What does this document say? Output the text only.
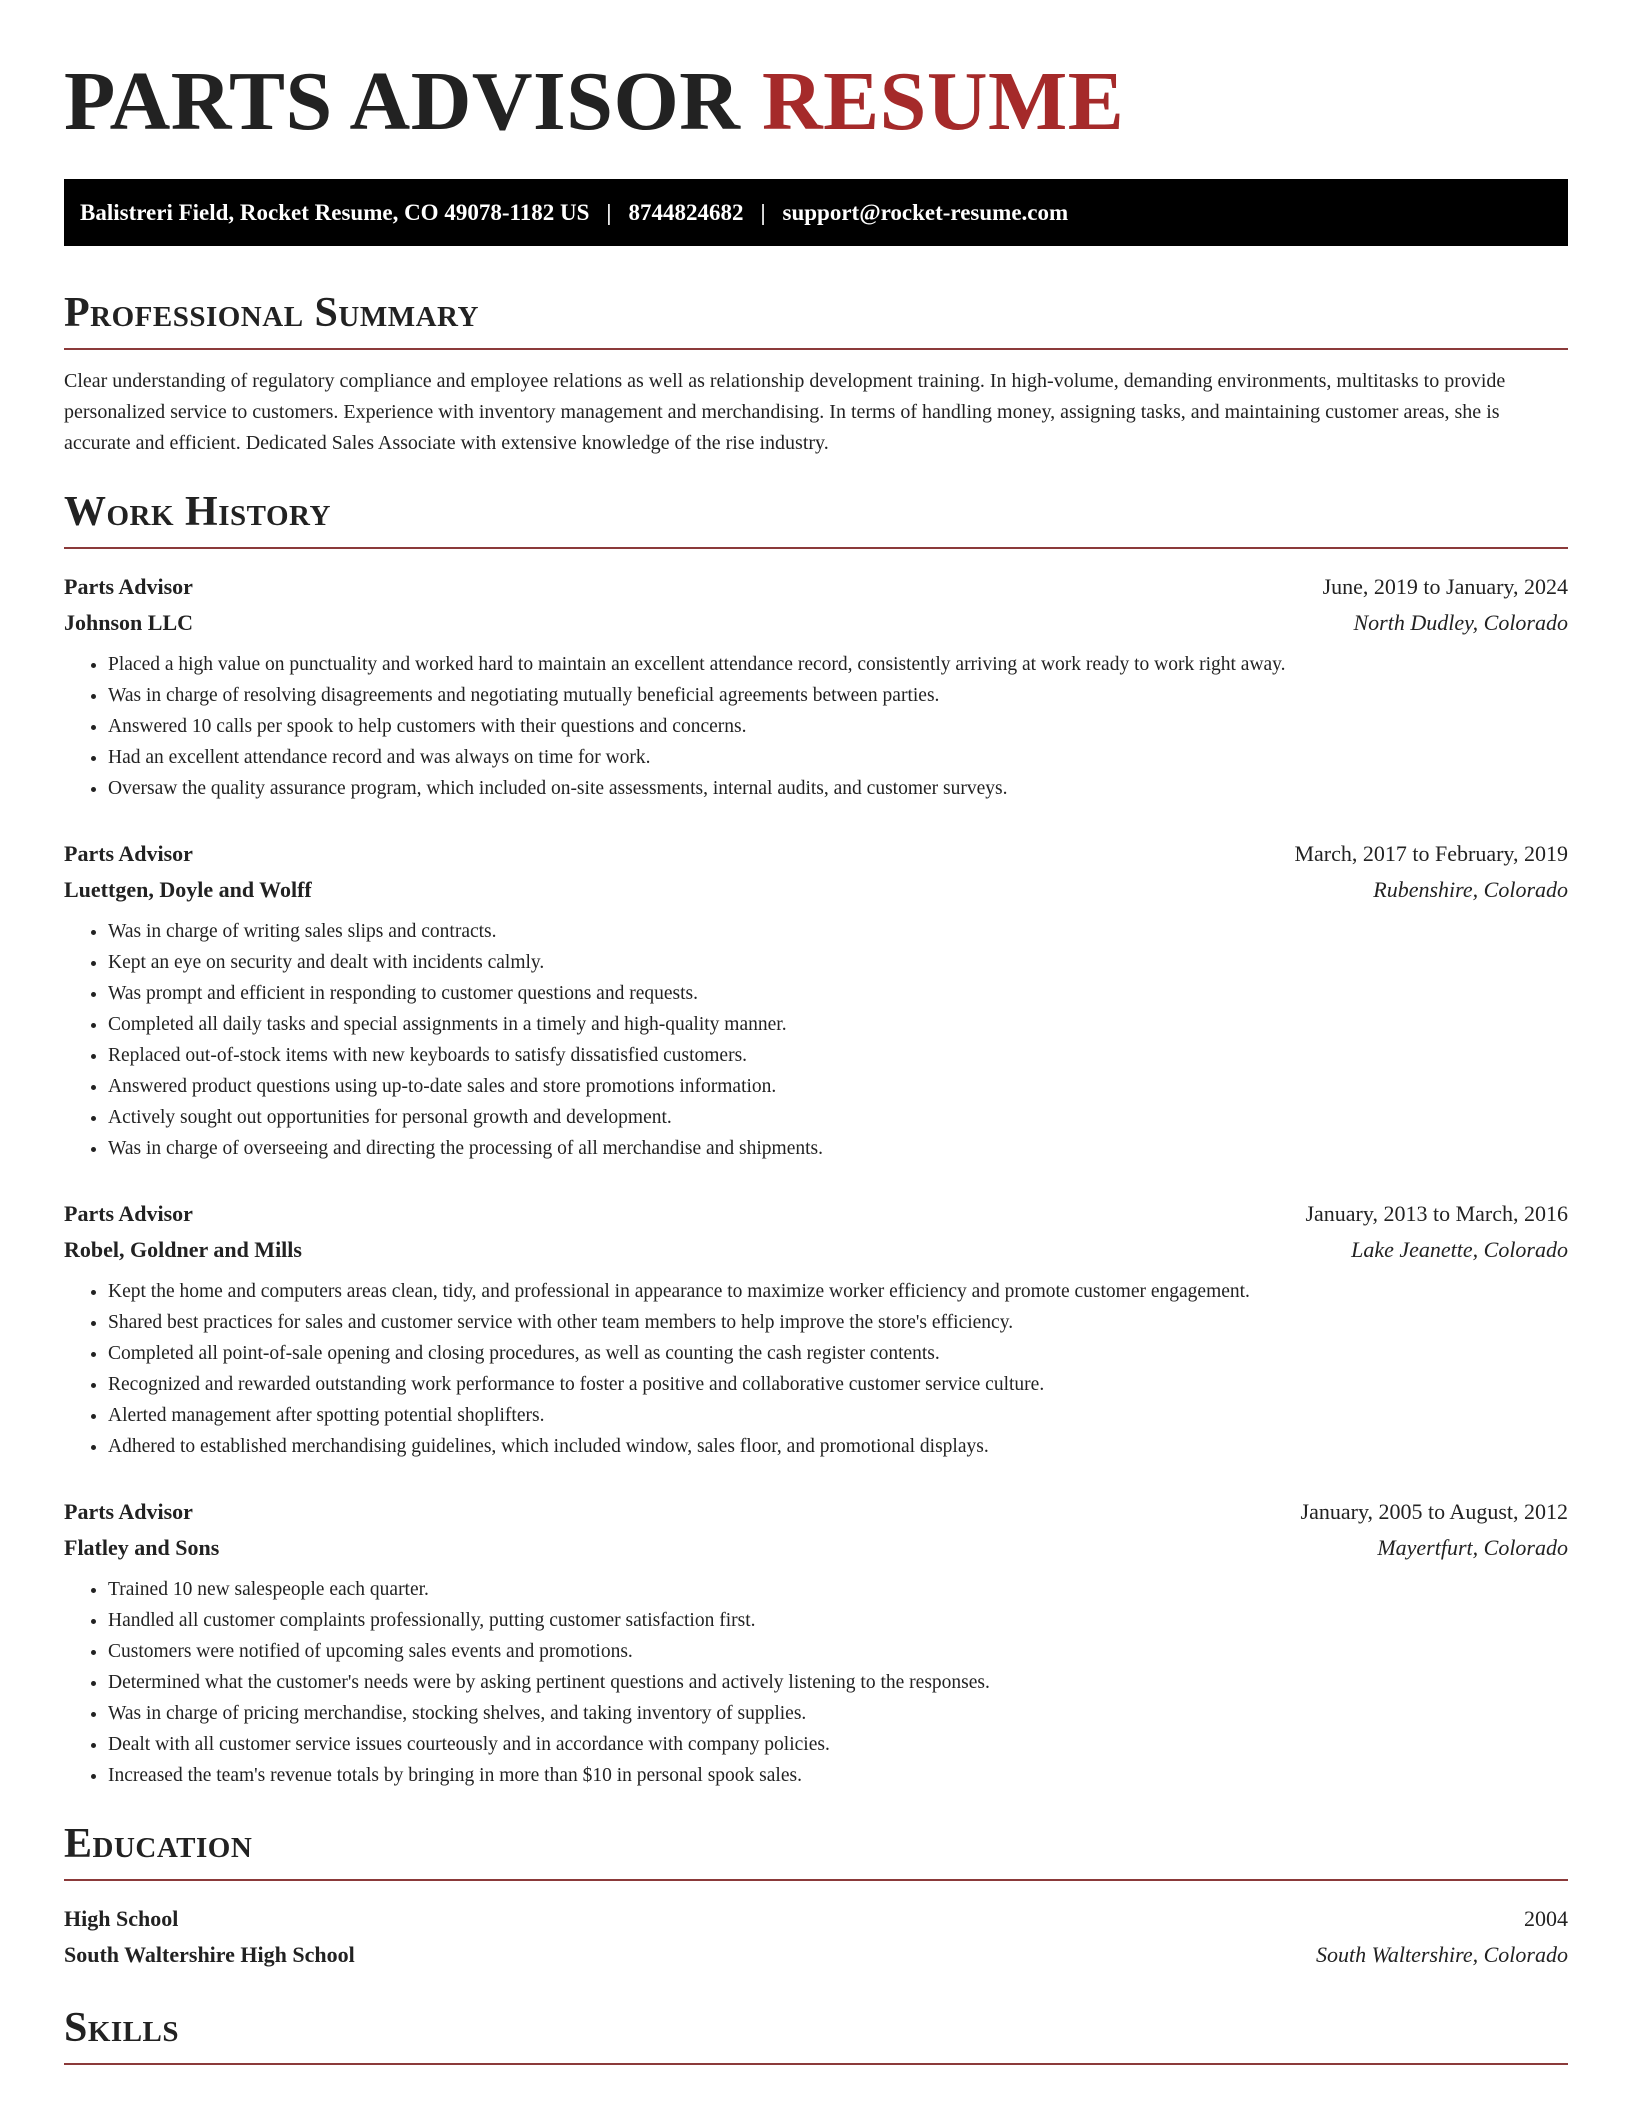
PARTS ADVISOR RESUME
Balistreri Field, Rocket Resume, CO 49078-1182 US | 8744824682 | support@rocket-resume.com
Professional Summary

Clear understanding of regulatory compliance and employee relations as well as relationship development training. In high-volume, demanding environments, multitasks to provide personalized service to customers. Experience with inventory management and merchandising. In terms of handling money, assigning tasks, and maintaining customer areas, she is accurate and efficient. Dedicated Sales Associate with extensive knowledge of the rise industry.

Work History
Parts Advisor	June, 2019 to January, 2024
Johnson LLC	North Dudley, Colorado
• Placed a high value on punctuality and worked hard to maintain an excellent attendance record, consistently arriving at work ready to work right away.
• Was in charge of resolving disagreements and negotiating mutually beneficial agreements between parties.
• Answered 10 calls per spook to help customers with their questions and concerns.
• Had an excellent attendance record and was always on time for work.
• Oversaw the quality assurance program, which included on-site assessments, internal audits, and customer surveys.
Parts Advisor	March, 2017 to February, 2019
Luettgen, Doyle and Wolff	Rubenshire, Colorado
• Was in charge of writing sales slips and contracts.
• Kept an eye on security and dealt with incidents calmly.
• Was prompt and efficient in responding to customer questions and requests.
• Completed all daily tasks and special assignments in a timely and high-quality manner.
• Replaced out-of-stock items with new keyboards to satisfy dissatisfied customers.
• Answered product questions using up-to-date sales and store promotions information.
• Actively sought out opportunities for personal growth and development.
• Was in charge of overseeing and directing the processing of all merchandise and shipments.
Parts Advisor	January, 2013 to March, 2016
Robel, Goldner and Mills	Lake Jeanette, Colorado
• Kept the home and computers areas clean, tidy, and professional in appearance to maximize worker efficiency and promote customer engagement.
• Shared best practices for sales and customer service with other team members to help improve the store's efficiency.
• Completed all point-of-sale opening and closing procedures, as well as counting the cash register contents.
• Recognized and rewarded outstanding work performance to foster a positive and collaborative customer service culture.
• Alerted management after spotting potential shoplifters.
• Adhered to established merchandising guidelines, which included window, sales floor, and promotional displays.
Parts Advisor	January, 2005 to August, 2012
Flatley and Sons	Mayertfurt, Colorado
• Trained 10 new salespeople each quarter.
• Handled all customer complaints professionally, putting customer satisfaction first.
• Customers were notified of upcoming sales events and promotions.
• Determined what the customer's needs were by asking pertinent questions and actively listening to the responses.
• Was in charge of pricing merchandise, stocking shelves, and taking inventory of supplies.
• Dealt with all customer service issues courteously and in accordance with company policies.
• Increased the team's revenue totals by bringing in more than $10 in personal spook sales.
Education
High School	2004
South Waltershire High School	South Waltershire, Colorado
Skills
